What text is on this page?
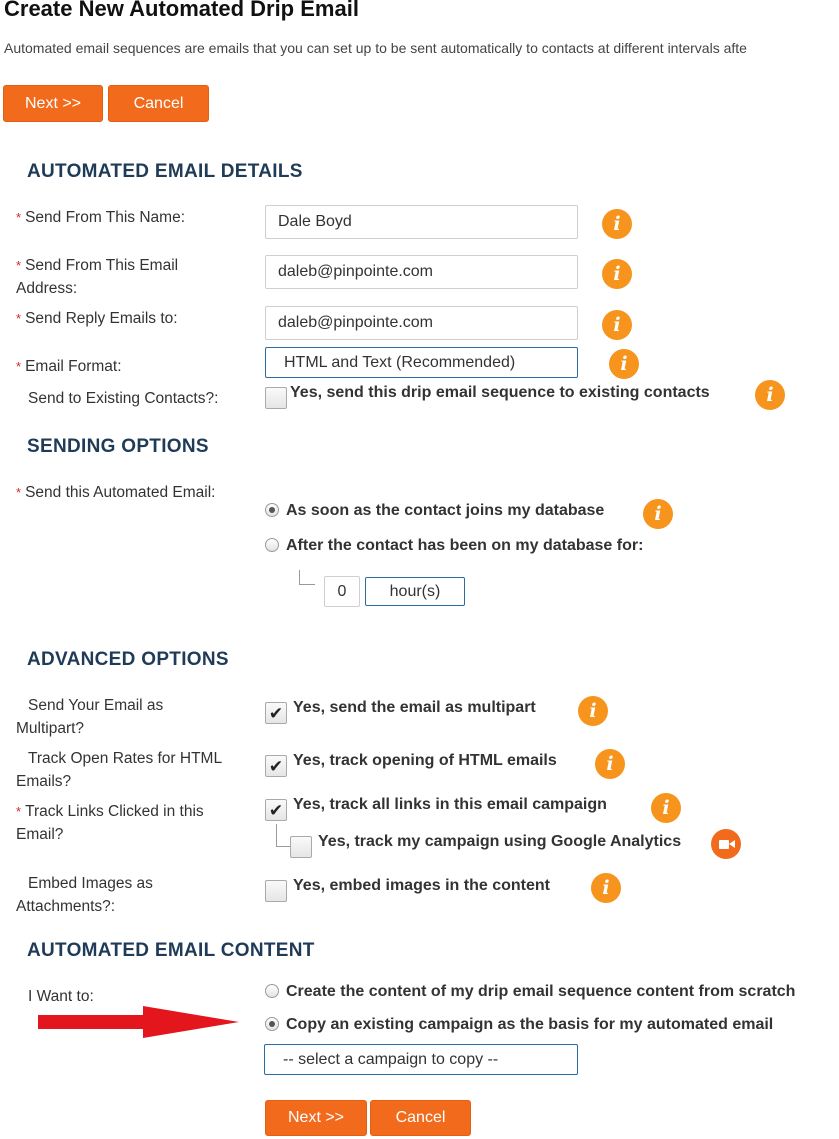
Create New Automated Drip Email
Automated email sequences are emails that you can set up to be sent automatically to contacts at different intervals afte
Next >>	Cancel
AUTOMATED EMAIL DETAILS
* Send From This Name:	Dale Boyd	i
* Send From This Email Address:
daleb@pinpointe.com	i
* Send Reply Emails to:	daleb@pinpointe.com	i
* Email Format:	HTML and Text (Recommended)	i
Send to Existing Contacts?:	Yes, send this drip email sequence to existing contacts	i
SENDING OPTIONS
* Send this Automated Email:
As soon as the contact joins my database	i
After the contact has been on my database for:
0	hour(s)
ADVANCED OPTIONS
Send Your Email as Multipart?
✔ Yes, send the email as multipart	i
Track Open Rates for HTML Emails?
✔ Yes, track opening of HTML emails	i
* Track Links Clicked in this Email?
✔ Yes, track all links in this email campaign	i
Yes, track my campaign using Google Analytics
Embed Images as Attachments?:
Yes, embed images in the content	i
AUTOMATED EMAIL CONTENT
I Want to:	Create the content of my drip email sequence content from scratch
Copy an existing campaign as the basis for my automated email
-- select a campaign to copy --
Next >>	Cancel
